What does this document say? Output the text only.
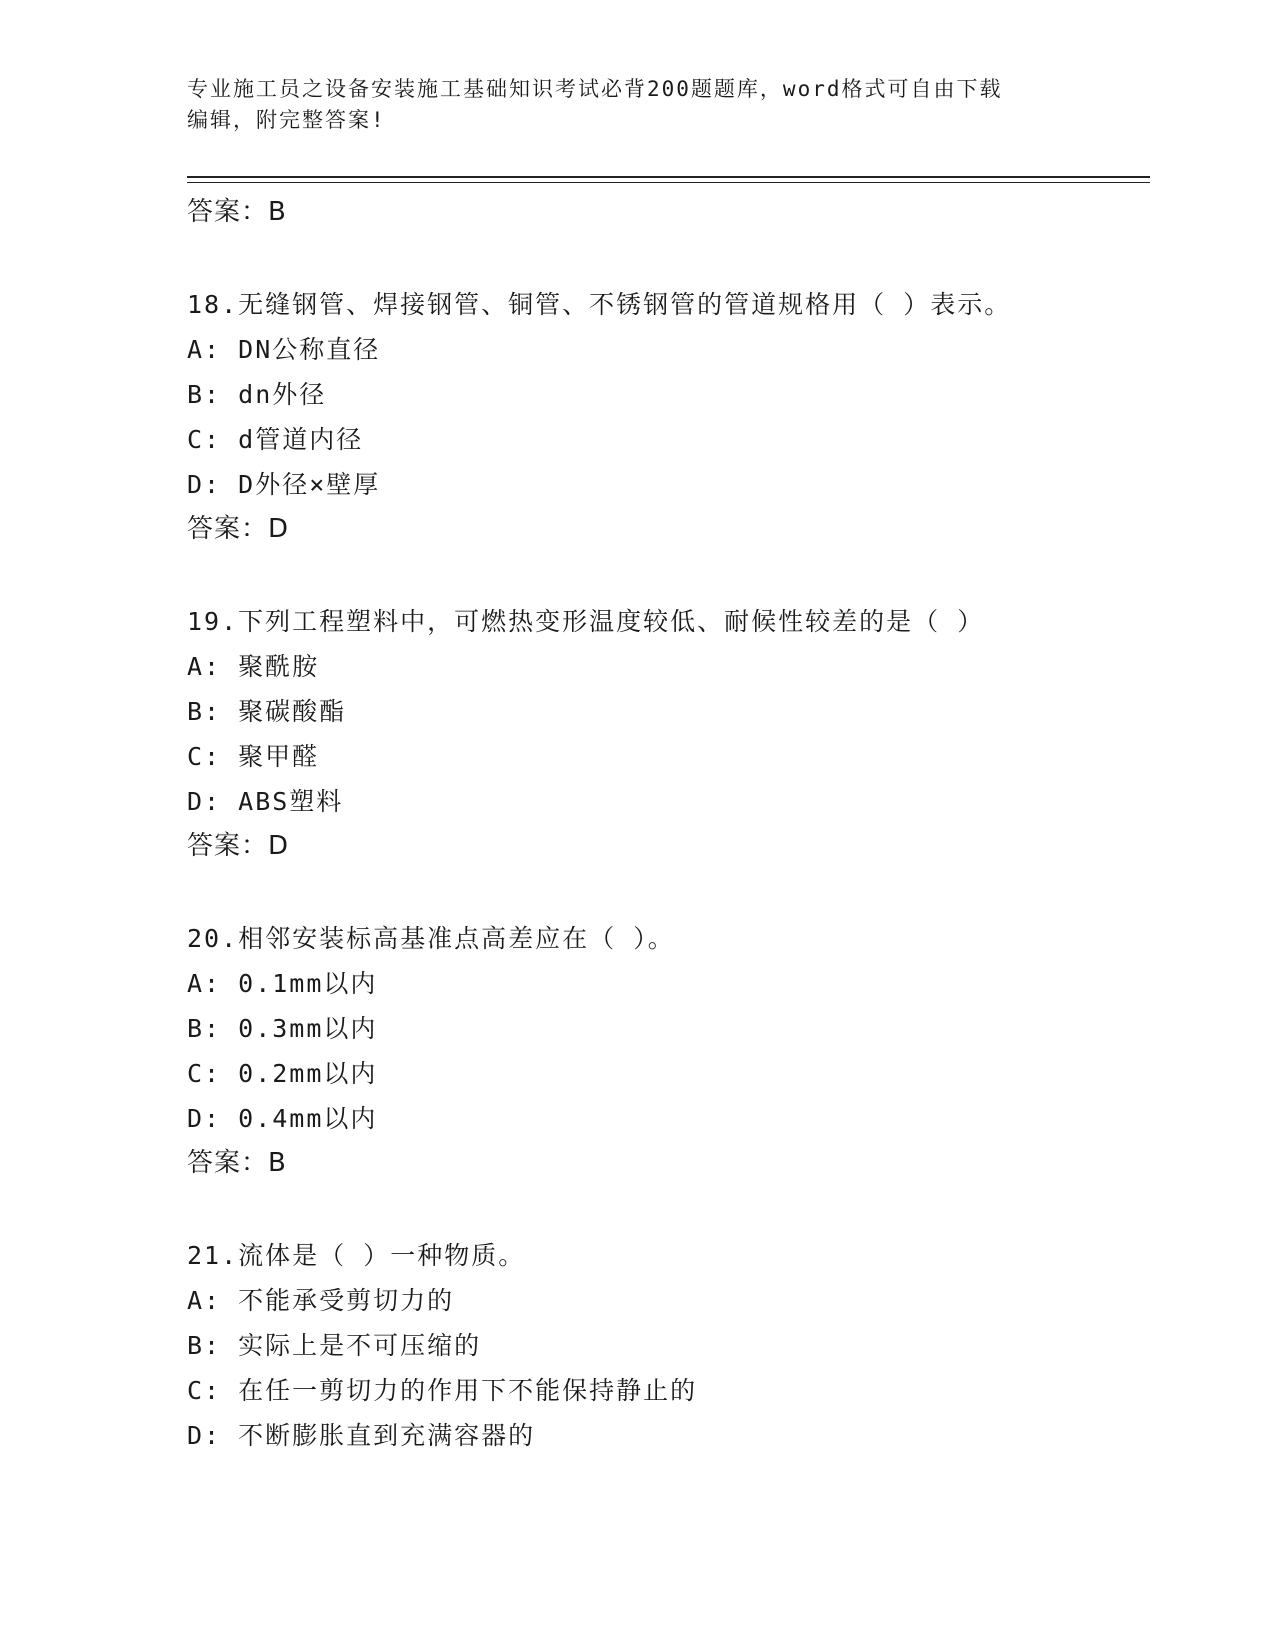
专业施工员之设备安装施工基础知识考试必背200题题库，word格式可自由下载
编辑，附完整答案!
答案：B
18.无缝钢管、焊接钢管、铜管、不锈钢管的管道规格用（ ）表示。
A: DN公称直径
B: dn外径
C: d管道内径
D: D外径×壁厚
答案：D
19.下列工程塑料中，可燃热变形温度较低、耐候性较差的是（ ）
A: 聚酰胺
B: 聚碳酸酯
C: 聚甲醛
D: ABS塑料
答案：D
20.相邻安装标高基准点高差应在（ ）。
A: 0.1mm以内
B: 0.3mm以内
C: 0.2mm以内
D: 0.4mm以内
答案：B
21.流体是（ ）一种物质。
A: 不能承受剪切力的
B: 实际上是不可压缩的
C: 在任一剪切力的作用下不能保持静止的
D: 不断膨胀直到充满容器的
